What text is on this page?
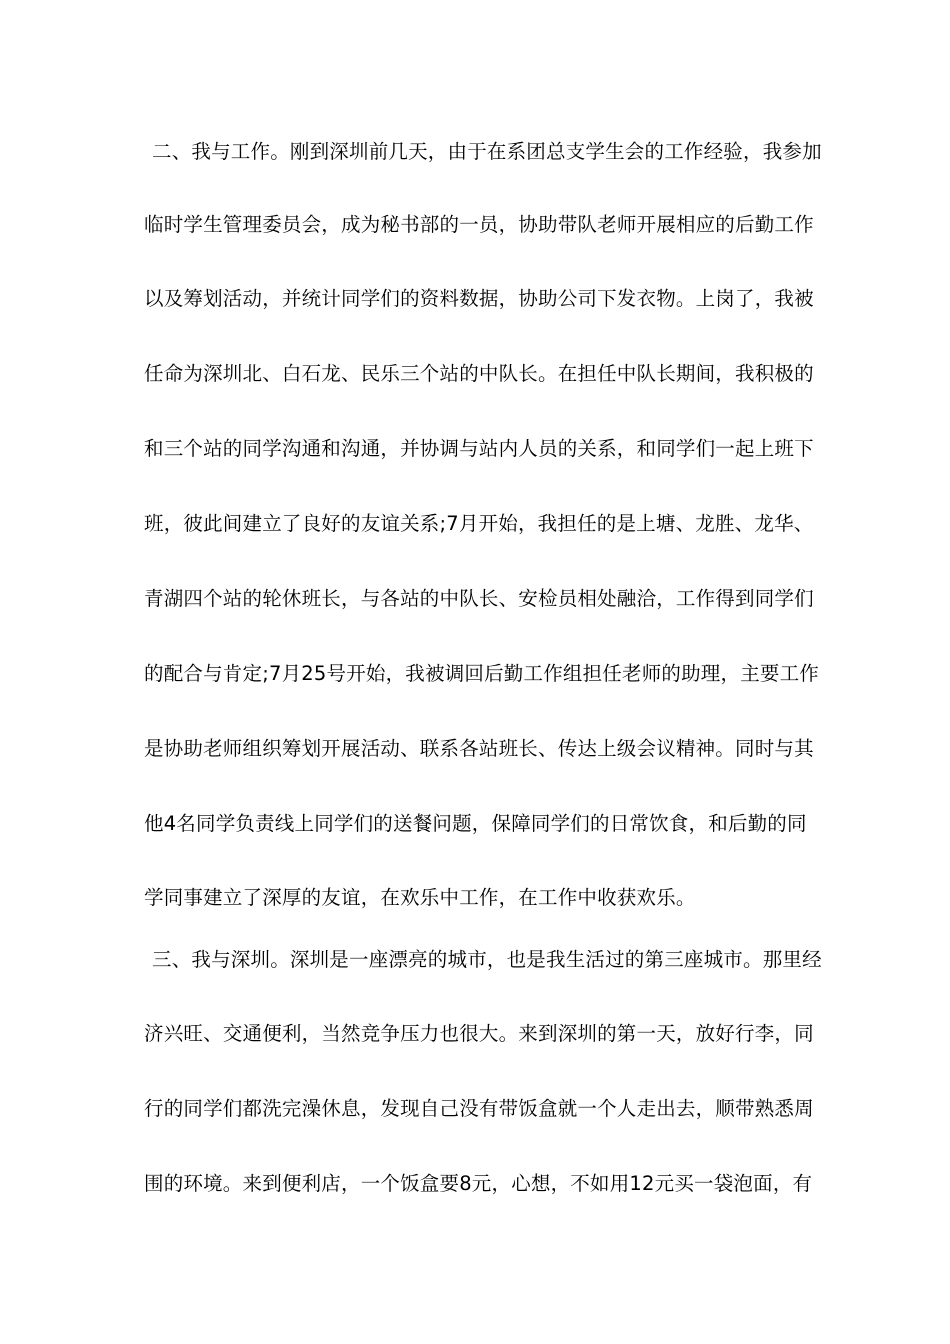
二、我与工作。刚到深圳前几天，由于在系团总支学生会的工作经验，我参加
临时学生管理委员会，成为秘书部的一员，协助带队老师开展相应的后勤工作
以及筹划活动，并统计同学们的资料数据，协助公司下发衣物。上岗了，我被
任命为深圳北、白石龙、民乐三个站的中队长。在担任中队长期间，我积极的
和三个站的同学沟通和沟通，并协调与站内人员的关系，和同学们一起上班下
班，彼此间建立了良好的友谊关系;7月开始，我担任的是上塘、龙胜、龙华、
青湖四个站的轮休班长，与各站的中队长、安检员相处融洽，工作得到同学们
的配合与肯定;7月25号开始，我被调回后勤工作组担任老师的助理，主要工作
是协助老师组织筹划开展活动、联系各站班长、传达上级会议精神。同时与其
他4名同学负责线上同学们的送餐问题，保障同学们的日常饮食，和后勤的同
学同事建立了深厚的友谊，在欢乐中工作，在工作中收获欢乐。
三、我与深圳。深圳是一座漂亮的城市，也是我生活过的第三座城市。那里经
济兴旺、交通便利，当然竞争压力也很大。来到深圳的第一天，放好行李，同
行的同学们都洗完澡休息，发现自己没有带饭盒就一个人走出去，顺带熟悉周
围的环境。来到便利店，一个饭盒要8元，心想，不如用12元买一袋泡面，有
